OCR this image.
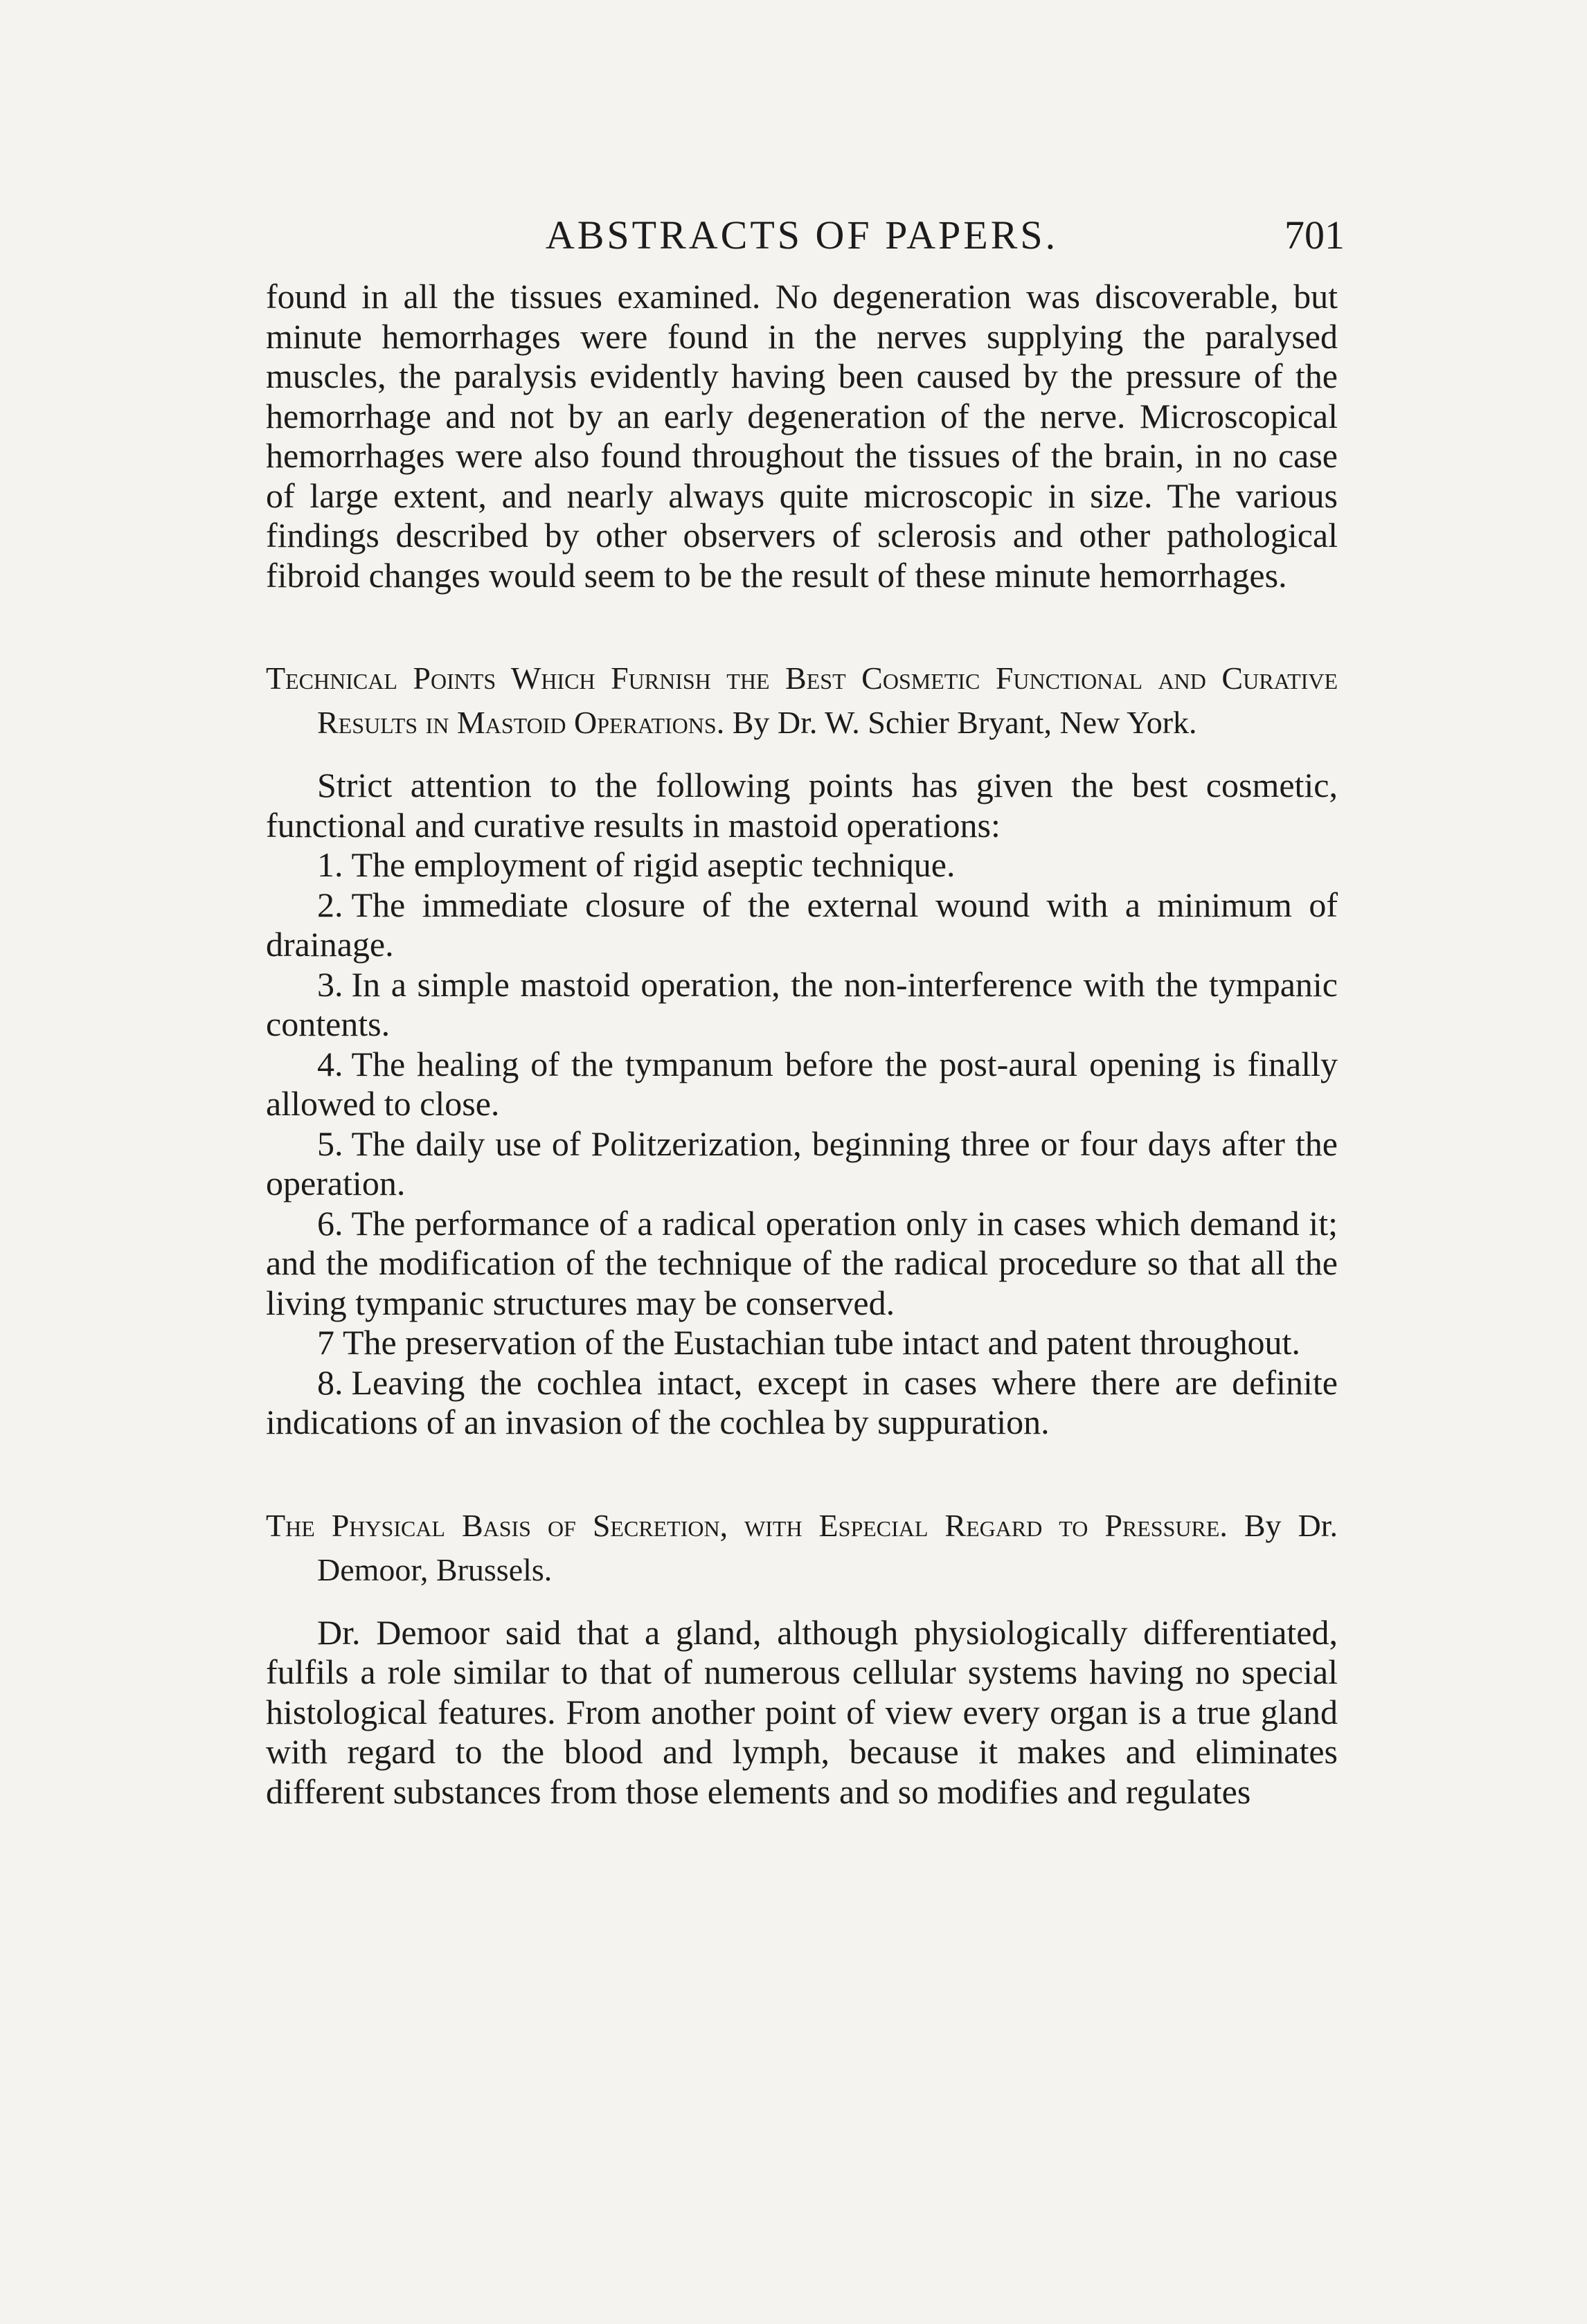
ABSTRACTS OF PAPERS.	701

found in all the tissues examined. No degeneration was discoverable, but minute hemorrhages were found in the nerves supplying the paralysed muscles, the paralysis evidently having been caused by the pressure of the hemorrhage and not by an early degeneration of the nerve. Microscopical hemorrhages were also found throughout the tissues of the brain, in no case of large extent, and nearly always quite microscopic in size. The various findings described by other observers of sclerosis and other pathological fibroid changes would seem to be the result of these minute hemorrhages.

Technical Points Which Furnish the Best Cosmetic Functional and Curative Results in Mastoid Operations. By Dr. W. Schier Bryant, New York.

Strict attention to the following points has given the best cosmetic, functional and curative results in mastoid operations:

1. The employment of rigid aseptic technique.

2. The immediate closure of the external wound with a minimum of drainage.

3. In a simple mastoid operation, the non-interference with the tympanic contents.

4. The healing of the tympanum before the post-aural opening is finally allowed to close.

5. The daily use of Politzerization, beginning three or four days after the operation.

6. The performance of a radical operation only in cases which demand it; and the modification of the technique of the radical procedure so that all the living tympanic structures may be conserved.

7 The preservation of the Eustachian tube intact and patent throughout.

8. Leaving the cochlea intact, except in cases where there are definite indications of an invasion of the cochlea by suppuration.

The Physical Basis of Secretion, with Especial Regard to Pressure. By Dr. Demoor, Brussels.

Dr. Demoor said that a gland, although physiologically differentiated, fulfils a role similar to that of numerous cellular systems having no special histological features. From another point of view every organ is a true gland with regard to the blood and lymph, because it makes and eliminates different substances from those elements and so modifies and regulates
